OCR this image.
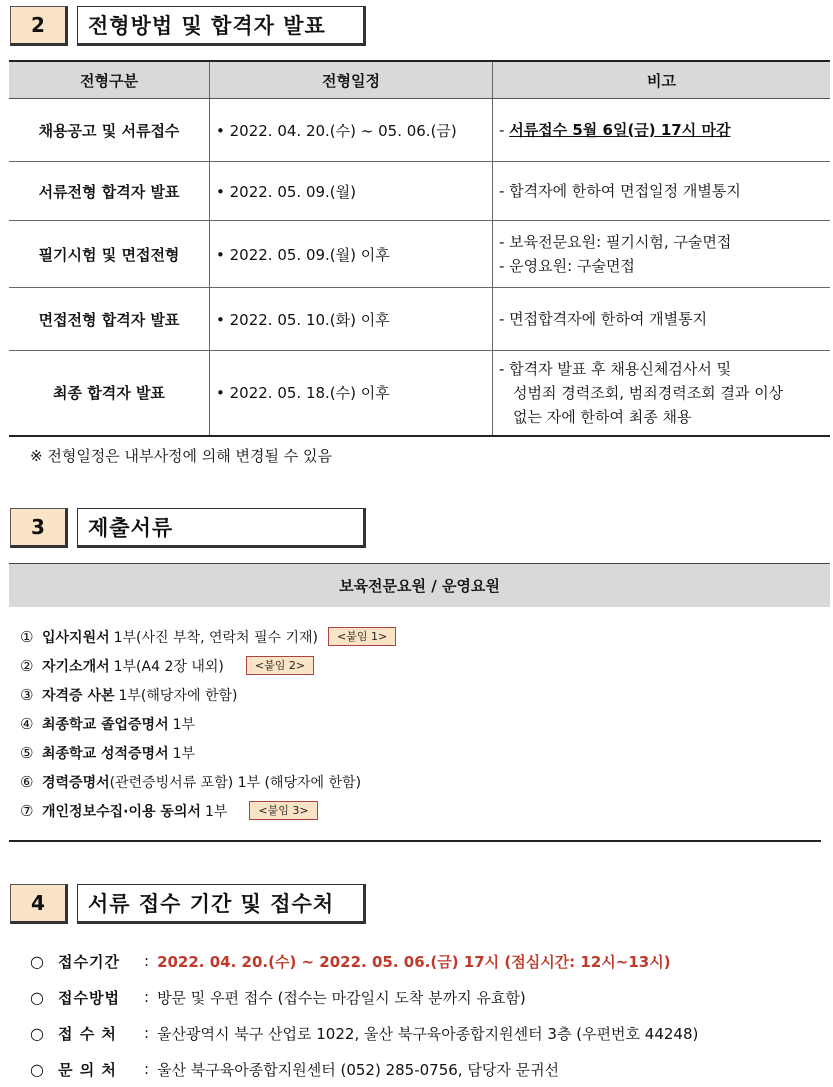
2	전형방법 및 합격자 발표
전형구분	전형일정	비고
채용공고 및 서류접수	• 2022. 04. 20.(수) ~ 05. 06.(금)	- 서류접수 5월 6일(금) 17시 마감
서류전형 합격자 발표	• 2022. 05. 09.(월)	- 합격자에 한하여 면접일정 개별통지
필기시험 및 면접전형	• 2022. 05. 09.(월) 이후	- 보육전문요원: 필기시험, 구술면접
- 운영요원: 구술면접

면접전형 합격자 발표	• 2022. 05. 10.(화) 이후	- 면접합격자에 한하여 개별통지
최종 합격자 발표	• 2022. 05. 18.(수) 이후	- 합격자 발표 후 채용신체검사서 및
성범죄 경력조회, 범죄경력조회 결과 이상
없는 자에 한하여 최종 채용
※ 전형일정은 내부사정에 의해 변경될 수 있음
3	제출서류
보육전문요원 / 운영요원
① 입사지원서 1부(사진 부착, 연락처 필수 기재)	<붙임 1>
② 자기소개서 1부(A4 2장 내외)	<붙임 2>
③ 자격증 사본 1부(해당자에 한함)
④ 최종학교 졸업증명서 1부
⑤ 최종학교 성적증명서 1부
⑥ 경력증명서 (관련증빙서류 포함) 1부 (해당자에 한함)
⑦ 개인정보수집·이용 동의서 1부	<붙임 3>
4	서류 접수 기간 및 접수처
○ 접수기간	: 2022. 04. 20.(수) ~ 2022. 05. 06.(금) 17시 (점심시간: 12시~13시)
○ 접수방법	: 방문 및 우편 접수 (접수는 마감일시 도착 분까지 유효함)
○ 접 수 처	: 울산광역시 북구 산업로 1022, 울산 북구육아종합지원센터 3층 (우편번호 44248)
○ 문 의 처	: 울산 북구육아종합지원센터 (052) 285-0756, 담당자 문귀선
